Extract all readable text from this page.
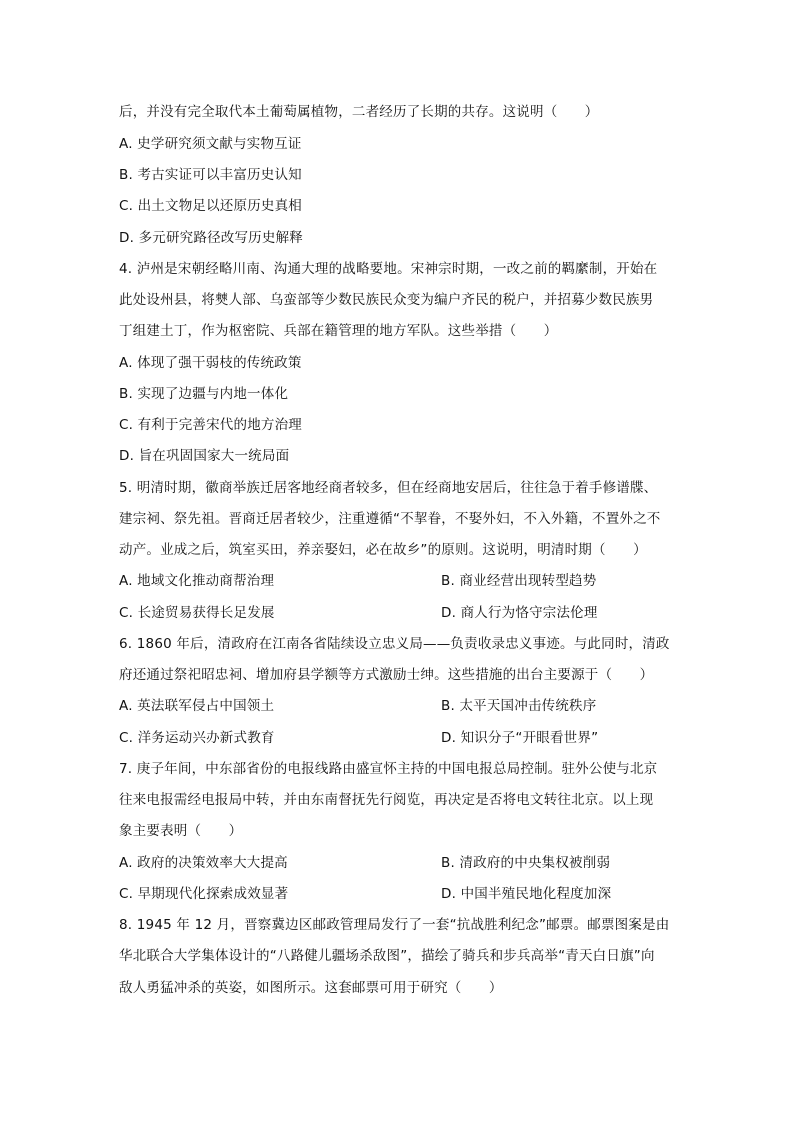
后，并没有完全取代本土葡萄属植物，二者经历了长期的共存。这说明（　　）
A. 史学研究须文献与实物互证
B. 考古实证可以丰富历史认知
C. 出土文物足以还原历史真相
D. 多元研究路径改写历史解释
4. 泸州是宋朝经略川南、沟通大理的战略要地。宋神宗时期，一改之前的羁縻制，开始在
此处设州县，将僰人部、乌蛮部等少数民族民众变为编户齐民的税户，并招募少数民族男
丁组建土丁，作为枢密院、兵部在籍管理的地方军队。这些举措（　　）
A. 体现了强干弱枝的传统政策
B. 实现了边疆与内地一体化
C. 有利于完善宋代的地方治理
D. 旨在巩固国家大一统局面
5. 明清时期，徽商举族迁居客地经商者较多，但在经商地安居后，往往急于着手修谱牒、
建宗祠、祭先祖。晋商迁居者较少，注重遵循“不挈眷，不娶外妇，不入外籍，不置外之不
动产。业成之后，筑室买田，养亲娶妇，必在故乡”的原则。这说明，明清时期（　　）
A. 地域文化推动商帮治理	B. 商业经营出现转型趋势
C. 长途贸易获得长足发展	D. 商人行为恪守宗法伦理
6. 1860 年后，清政府在江南各省陆续设立忠义局——负责收录忠义事迹。与此同时，清政
府还通过祭祀昭忠祠、增加府县学额等方式激励士绅。这些措施的出台主要源于（　　）
A. 英法联军侵占中国领土	B. 太平天国冲击传统秩序
C. 洋务运动兴办新式教育	D. 知识分子“开眼看世界”
7. 庚子年间，中东部省份的电报线路由盛宣怀主持的中国电报总局控制。驻外公使与北京
往来电报需经电报局中转，并由东南督抚先行阅览，再决定是否将电文转往北京。以上现
象主要表明（　　）
A. 政府的决策效率大大提高	B. 清政府的中央集权被削弱
C. 早期现代化探索成效显著	D. 中国半殖民地化程度加深
8. 1945 年 12 月，晋察冀边区邮政管理局发行了一套“抗战胜利纪念”邮票。邮票图案是由
华北联合大学集体设计的“八路健儿疆场杀敌图”，描绘了骑兵和步兵高举“青天白日旗”向
敌人勇猛冲杀的英姿，如图所示。这套邮票可用于研究（　　）
